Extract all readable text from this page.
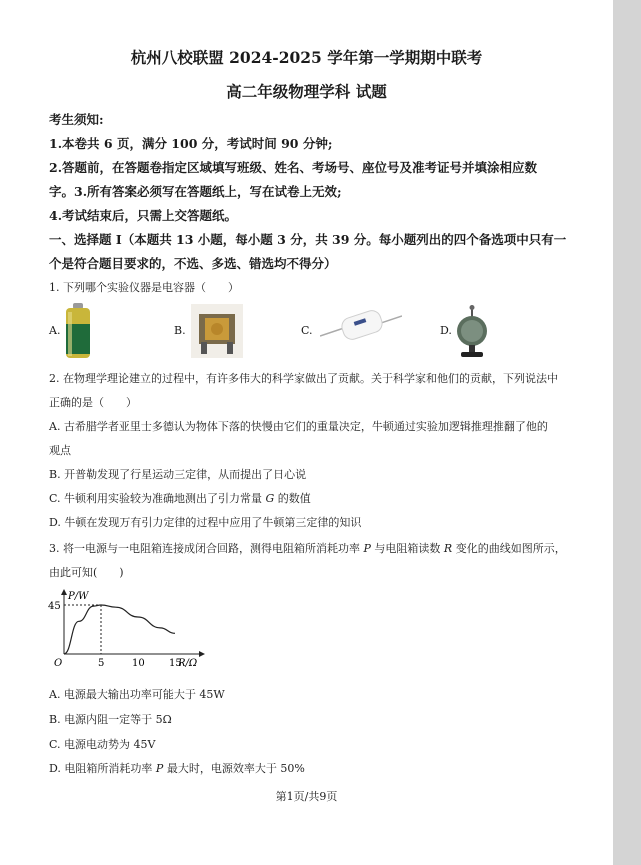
杭州八校联盟 2024-2025 学年第一学期期中联考
高二年级物理学科 试题
考生须知:
1.本卷共 6 页，满分 100 分，考试时间 90 分钟;
2.答题前，在答题卷指定区域填写班级、姓名、考场号、座位号及准考证号并填涂相应数
字。3.所有答案必须写在答题纸上，写在试卷上无效;
4.考试结束后，只需上交答题纸。
一、选择题 I（本题共 13 小题，每小题 3 分，共 39 分。每小题列出的四个备选项中只有一
个是符合题目要求的，不选、多选、错选均不得分）
1. 下列哪个实验仪器是电容器（　　）
A.	B.	C.	D.
2. 在物理学理论建立的过程中，有许多伟大的科学家做出了贡献。关于科学家和他们的贡献，下列说法中
正确的是（　　）
A. 古希腊学者亚里士多德认为物体下落的快慢由它们的重量决定，牛顿通过实验加逻辑推理推翻了他的
观点
B. 开普勒发现了行星运动三定律，从而提出了日心说
C. 牛顿利用实验较为准确地测出了引力常量 G 的数值
D. 牛顿在发现万有引力定律的过程中应用了牛顿第三定律的知识
3. 将一电源与一电阻箱连接成闭合回路，测得电阻箱所消耗功率 P 与电阻箱读数 R 变化的曲线如图所示，
由此可知(　　)
5	10 15
45
P/W
R/Ω
O
A. 电源最大输出功率可能大于 45W
B. 电源内阻一定等于 5Ω
C. 电源电动势为 45V
D. 电阻箱所消耗功率 P 最大时，电源效率大于 50%
第1页/共9页
